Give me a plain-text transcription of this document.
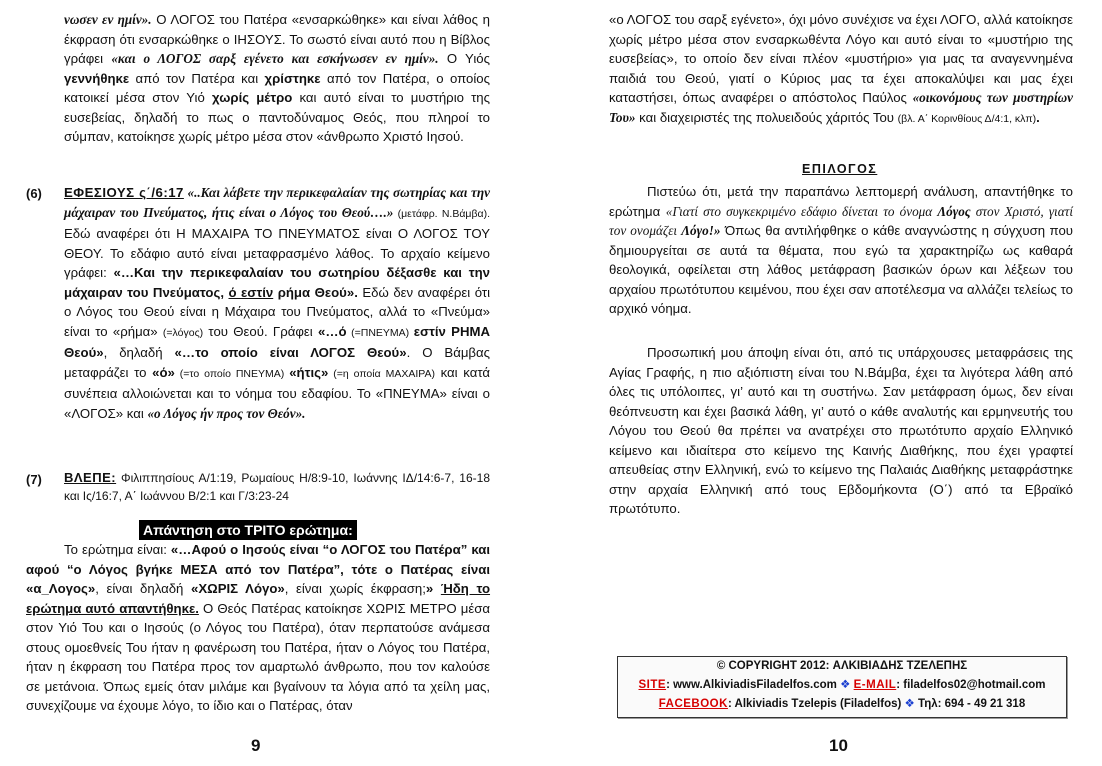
νωσεν εν ημίν». Ο ΛΟΓΟΣ του Πατέρα «ενσαρκώθηκε» και είναι λάθος η έκφραση ότι ενσαρκώθηκε ο ΙΗΣΟΥΣ. Το σωστό είναι αυτό που η Βίβλος γράφει «και ο ΛΟΓΟΣ σαρξ εγένετο και εσκήνωσεν εν ημίν». Ο Υιός γεννήθηκε από τον Πατέρα και χρίστηκε από τον Πατέρα, ο οποίος κατοικεί μέσα στον Υιό χωρίς μέτρο και αυτό είναι το μυστήριο της ευσεβείας, δηλαδή το πως ο παντοδύναμος Θεός, που πληροί το σύμπαν, κατοίκησε χωρίς μέτρο μέσα στον «άνθρωπο Χριστό Ιησού.
(6) ΕΦΕΣΙΟΥΣ ς΄/6:17 «..Και λάβετε την περικεφαλαίαν της σωτηρίας και την μάχαιραν του Πνεύματος, ήτις είναι ο Λόγος του Θεού….» (μετάφρ. Ν.Βάμβα). Εδώ αναφέρει ότι Η ΜΑΧΑΙΡΑ ΤΟ ΠΝΕΥΜΑΤΟΣ είναι Ο ΛΟΓΟΣ ΤΟΥ ΘΕΟΥ. Το εδάφιο αυτό είναι μεταφρασμένο λάθος. Το αρχαίο κείμενο γράφει: «…Και την περικεφαλαίαν του σωτηρίου δέξασθε και την μάχαιραν του Πνεύματος, ό εστίν ρήμα Θεού». Εδώ δεν αναφέρει ότι ο Λόγος του Θεού είναι η Μάχαιρα του Πνεύματος, αλλά το «Πνεύμα» είναι το «ρήμα» (=λόγος) του Θεού. Γράφει «…ό (=ΠΝΕΥΜΑ) εστίν ΡΗΜΑ Θεού», δηλαδή «…το οποίο είναι ΛΟΓΟΣ Θεού». Ο Βάμβας μεταφράζει το «ό» (=το οποίο ΠΝΕΥΜΑ) «ήτις» (=η οποία ΜΑΧΑΙΡΑ) και κατά συνέπεια αλλοιώνεται και το νόημα του εδαφίου. Το «ΠΝΕΥΜΑ» είναι ο «ΛΟΓΟΣ» και «ο Λόγος ήν προς τον Θεόν».
(7) ΒΛΕΠΕ: Φιλιππησίους Α/1:19, Ρωμαίους Η/8:9-10, Ιωάννης ΙΔ/14:6-7, 16-18 και Ις/16:7, Α΄ Ιωάννου Β/2:1 και Γ/3:23-24
Απάντηση στο ΤΡΙΤΟ ερώτημα:
Το ερώτημα είναι: «…Αφού ο Ιησούς είναι “ο ΛΟΓΟΣ του Πατέρα” και αφού “ο Λόγος βγήκε ΜΕΣΑ από τον Πατέρα”, τότε ο Πατέρας είναι «α_Λογος», είναι δηλαδή «ΧΩΡΙΣ Λόγο», είναι χωρίς έκφραση;» Ήδη το ερώτημα αυτό απαντήθηκε. Ο Θεός Πατέρας κατοίκησε ΧΩΡΙΣ ΜΕΤΡΟ μέσα στον Υιό Του και ο Ιησούς (ο Λόγος του Πατέρα), όταν περπατούσε ανάμεσα στους ομοεθνείς Του ήταν η φανέρωση του Πατέρα, ήταν ο Λόγος του Πατέρα, ήταν η έκφραση του Πατέρα προς τον αμαρτωλό άνθρωπο, που τον καλούσε σε μετάνοια. Όπως εμείς όταν μιλάμε και βγαίνουν τα λόγια από τα χείλη μας, συνεχίζουμε να έχουμε λόγο, το ίδιο και ο Πατέρας, όταν
9
«ο ΛΟΓΟΣ του σαρξ εγένετο», όχι μόνο συνέχισε να έχει ΛΟΓΟ, αλλά κατοίκησε χωρίς μέτρο μέσα στον ενσαρκωθέντα Λόγο και αυτό είναι το «μυστήριο της ευσεβείας», το οποίο δεν είναι πλέον «μυστήριο» για μας τα αναγεννημένα παιδιά του Θεού, γιατί ο Κύριος μας τα έχει αποκαλύψει και μας έχει καταστήσει, όπως αναφέρει ο απόστολος Παύλος «οικονόμους των μυστηρίων Του» και διαχειριστές της πολυειδούς χάριτός Του (βλ. Α΄ Κορινθίους Δ/4:1, κλπ).
ΕΠΙΛΟΓΟΣ
Πιστεύω ότι, μετά την παραπάνω λεπτομερή ανάλυση, απαντήθηκε το ερώτημα «Γιατί στο συγκεκριμένο εδάφιο δίνεται το όνομα Λόγος στον Χριστό, γιατί τον ονομάζει Λόγο!» Όπως θα αντιλήφθηκε ο κάθε αναγνώστης η σύγχυση που δημιουργείται σε αυτά τα θέματα, που εγώ τα χαρακτηρίζω ως καθαρά θεολογικά, οφείλεται στη λάθος μετάφραση βασικών όρων και λέξεων του αρχαίου πρωτότυπου κειμένου, που έχει σαν αποτέλεσμα να αλλάζει τελείως το αρχικό νόημα.
Προσωπική μου άποψη είναι ότι, από τις υπάρχουσες μεταφράσεις της Αγίας Γραφής, η πιο αξιόπιστη είναι του Ν.Βάμβα, έχει τα λιγότερα λάθη από όλες τις υπόλοιπες, γι’ αυτό και τη συστήνω. Σαν μετάφραση όμως, δεν είναι θεόπνευστη και έχει βασικά λάθη, γι’ αυτό ο κάθε αναλυτής και ερμηνευτής του Λόγου του Θεού θα πρέπει να ανατρέχει στο πρωτότυπο αρχαίο Ελληνικό κείμενο και ιδιαίτερα στο κείμενο της Καινής Διαθήκης, που έχει γραφτεί απευθείας στην Ελληνική, ενώ το κείμενο της Παλαιάς Διαθήκης μεταφράστηκε στην αρχαία Ελληνική από τους Εβδομήκοντα (Ο΄) από τα Εβραϊκό πρωτότυπο.
10
© COPYRIGHT 2012: ΑΛΚΙΒΙΑΔΗΣ ΤΖΕΛΕΠΗΣ
SITE: www.AlkiviadisFiladelfos.com ❖ E-MAIL: filadelfos02@hotmail.com
FACEBOOK: Alkiviadis Tzelepis (Filadelfos) ❖ Τηλ: 694 - 49 21 318
